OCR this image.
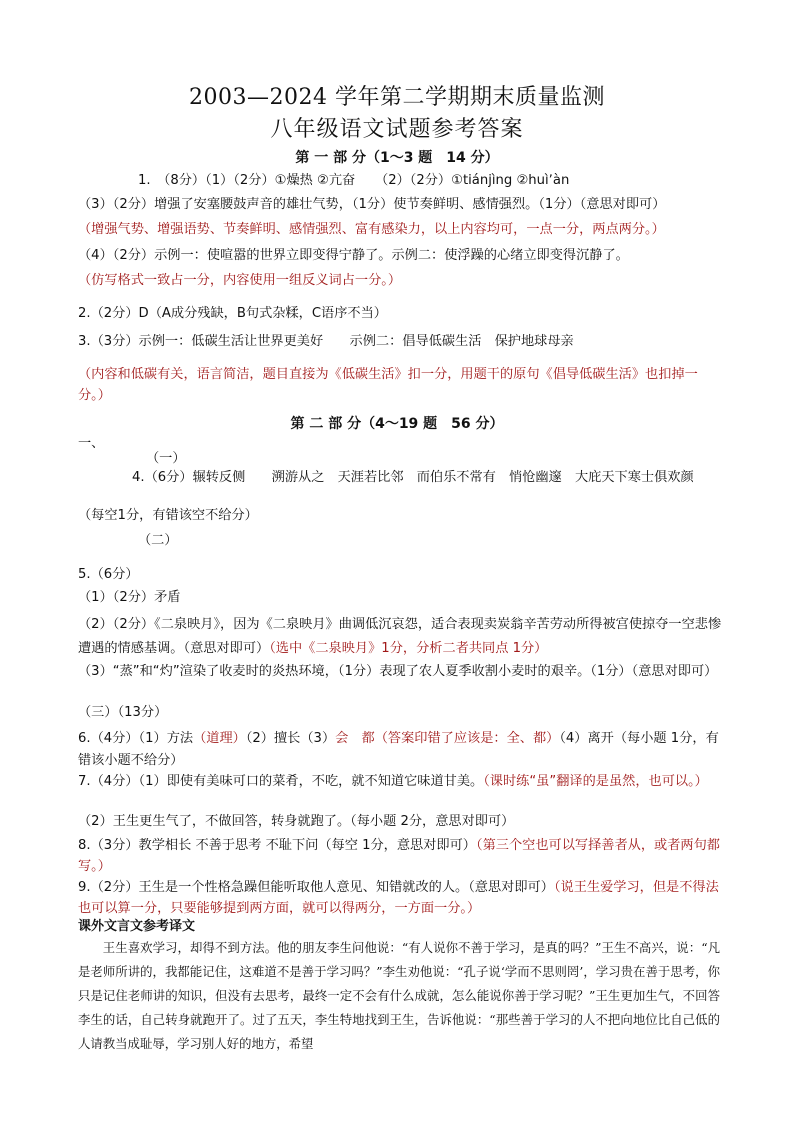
2003—2024 学年第二学期期末质量监测
八年级语文试题参考答案
第 一 部 分（1～3 题　14 分）
1.　（8分）（1）（2分）①燥热 ②亢奋　　（2）（2分）①tiánjìng ②huìʼàn
（3）（2分）增强了安塞腰鼓声音的雄壮气势，（1分）使节奏鲜明、感情强烈。（1分）（意思对即可）
（增强气势、增强语势、节奏鲜明、感情强烈、富有感染力，以上内容均可，一点一分，两点两分。）
（4）（2分）示例一：使喧嚣的世界立即变得宁静了。示例二：使浮躁的心绪立即变得沉静了。
（仿写格式一致占一分，内容使用一组反义词占一分。）
2.（2分）D（A成分残缺，B句式杂糅，C语序不当）
3.（3分）示例一：低碳生活让世界更美好　　示例二：倡导低碳生活　保护地球母亲
（内容和低碳有关，语言简洁，题目直接为《低碳生活》扣一分，用题干的原句《倡导低碳生活》也扣掉一分。）
第 二 部 分（4～19 题　56 分）
一、
（一）
4.（6分）辗转反侧　　溯游从之　天涯若比邻　而伯乐不常有　悄怆幽邃　大庇天下寒士俱欢颜
（每空1分，有错该空不给分）
（二）
5.（6分）
（1）（2分）矛盾
（2）（2分）《二泉映月》，因为《二泉映月》曲调低沉哀怨，适合表现卖炭翁辛苦劳动所得被宫使掠夺一空悲惨遭遇的情感基调。（意思对即可）（选中《二泉映月》1分，分析二者共同点 1分）
（3）“蒸”和“灼”渲染了收麦时的炎热环境，（1分）表现了农人夏季收割小麦时的艰辛。（1分）（意思对即可）
（三）（13分）
6.（4分）（1）方法（道理）（2）擅长（3）会　都（答案印错了应该是：全、都）（4）离开（每小题 1分，有错该小题不给分）
7.（4分）（1）即使有美味可口的菜肴，不吃，就不知道它味道甘美。（课时练“虽”翻译的是虽然，也可以。）
（2）王生更生气了，不做回答，转身就跑了。（每小题 2分，意思对即可）
8.（3分）教学相长 不善于思考 不耻下问（每空 1分，意思对即可）（第三个空也可以写择善者从，或者两句都写。）
9.（2分）王生是一个性格急躁但能听取他人意见、知错就改的人。（意思对即可）（说王生爱学习，但是不得法也可以算一分，只要能够提到两方面，就可以得两分，一方面一分。）
课外文言文参考译文
王生喜欢学习，却得不到方法。他的朋友李生问他说：“有人说你不善于学习，是真的吗？”王生不高兴，说：“凡是老师所讲的，我都能记住，这难道不是善于学习吗？”李生劝他说：“孔子说‘学而不思则罔’，学习贵在善于思考，你只是记住老师讲的知识，但没有去思考，最终一定不会有什么成就，怎么能说你善于学习呢？”王生更加生气，不回答李生的话，自己转身就跑开了。过了五天，李生特地找到王生，告诉他说：“那些善于学习的人不把向地位比自己低的人请教当成耻辱，学习别人好的地方，希望
